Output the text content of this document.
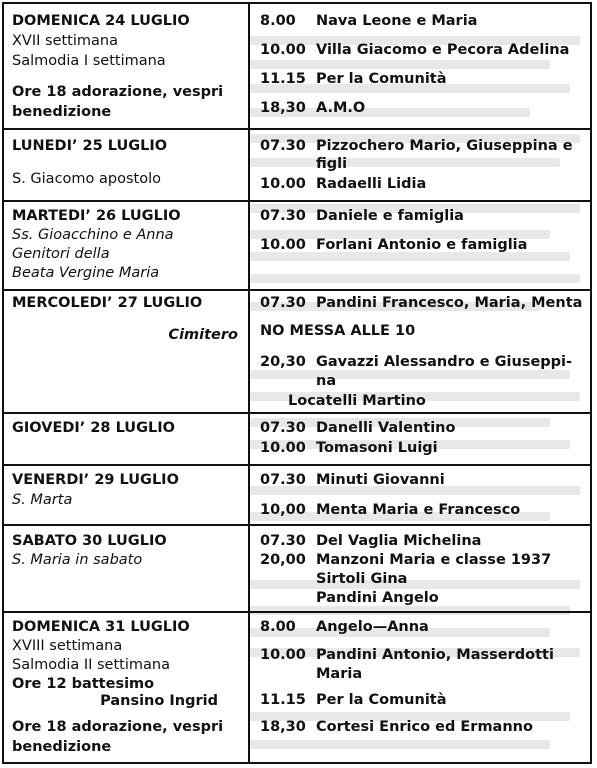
DOMENICA 24 LUGLIO
XVII settimana
Salmodia I settimana
Ore 18 adorazione, vespri
benedizione
8.00 Nava Leone e Maria
10.00 Villa Giacomo e Pecora Adelina
11.15 Per la Comunità
18,30 A.M.O
LUNEDI’ 25 LUGLIO
S. Giacomo apostolo
07.30 Pizzochero Mario, Giuseppina e
figli
10.00 Radaelli Lidia
MARTEDI’ 26 LUGLIO
Ss. Gioacchino e Anna
Genitori della
Beata Vergine Maria
07.30 Daniele e famiglia
10.00 Forlani Antonio e famiglia
MERCOLEDI’ 27 LUGLIO
Cimitero
07.30 Pandini Francesco, Maria, Menta
NO MESSA ALLE 10
20,30 Gavazzi Alessandro e Giuseppi-
na
Locatelli Martino
GIOVEDI’ 28 LUGLIO	07.30 Danelli Valentino
10.00 Tomasoni Luigi
VENERDI’ 29 LUGLIO
S. Marta
07.30 Minuti Giovanni
10,00 Menta Maria e Francesco
SABATO 30 LUGLIO
S. Maria in sabato
07.30 Del Vaglia Michelina
20,00 Manzoni Maria e classe 1937
Sirtoli Gina
Pandini Angelo
DOMENICA 31 LUGLIO
XVIII settimana
Salmodia II settimana
Ore 12 battesimo
Pansino Ingrid
Ore 18 adorazione, vespri
benedizione
8.00 Angelo—Anna
10.00 Pandini Antonio, Masserdotti
Maria
11.15 Per la Comunità
18,30 Cortesi Enrico ed Ermanno
